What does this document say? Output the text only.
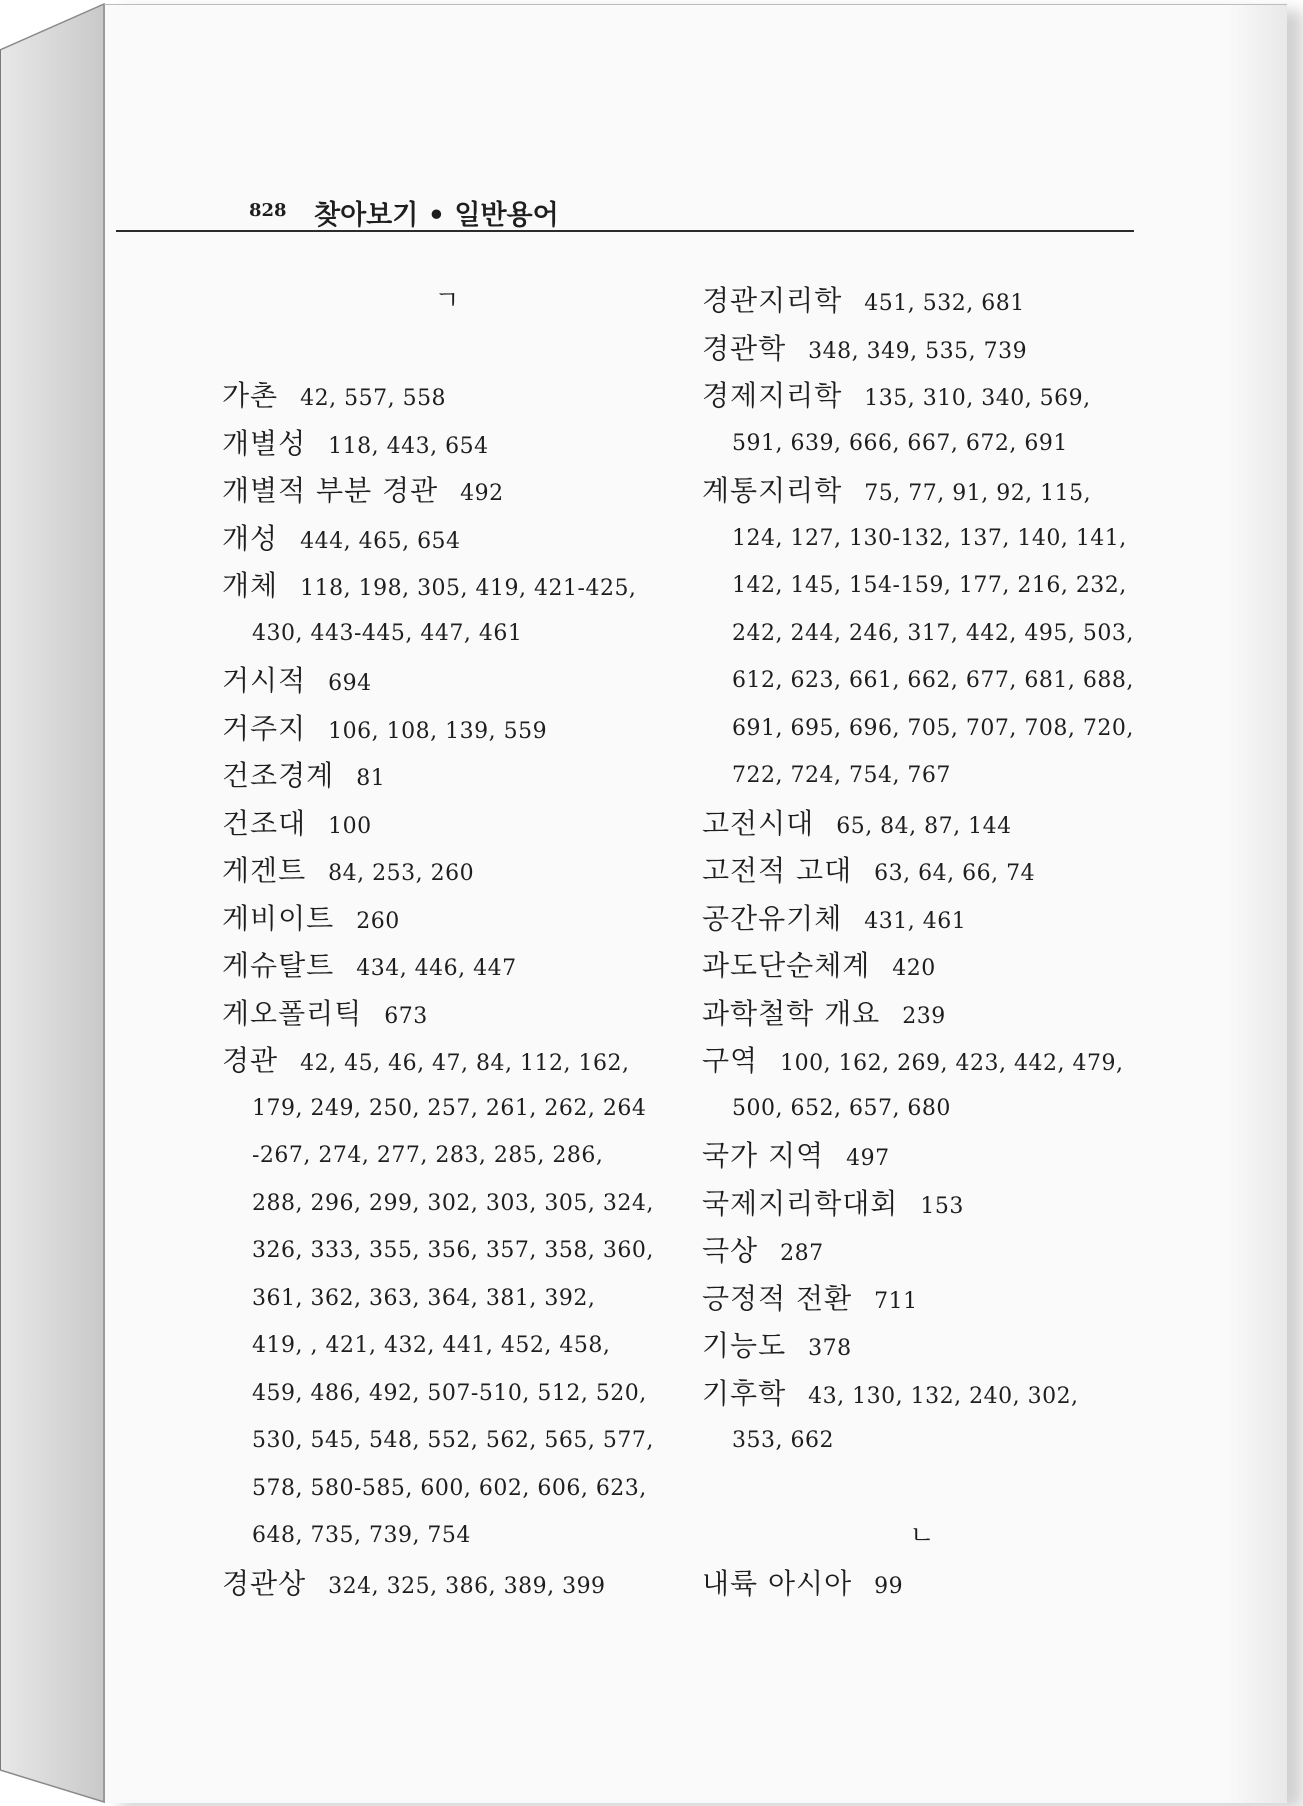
828 찾아보기 • 일반용어
ㄱ
가촌 42, 557, 558
개별성 118, 443, 654
개별적 부분 경관 492
개성 444, 465, 654
개체 118, 198, 305, 419, 421-425,
430, 443-445, 447, 461
거시적 694
거주지 106, 108, 139, 559
건조경계 81
건조대 100
게겐트 84, 253, 260
게비이트 260
게슈탈트 434, 446, 447
게오폴리틱 673
경관 42, 45, 46, 47, 84, 112, 162,
179, 249, 250, 257, 261, 262, 264
-267, 274, 277, 283, 285, 286,
288, 296, 299, 302, 303, 305, 324,
326, 333, 355, 356, 357, 358, 360,
361, 362, 363, 364, 381, 392,
419, , 421, 432, 441, 452, 458,
459, 486, 492, 507-510, 512, 520,
530, 545, 548, 552, 562, 565, 577,
578, 580-585, 600, 602, 606, 623,
648, 735, 739, 754
경관상 324, 325, 386, 389, 399
경관지리학 451, 532, 681
경관학 348, 349, 535, 739
경제지리학 135, 310, 340, 569,
591, 639, 666, 667, 672, 691
계통지리학 75, 77, 91, 92, 115,
124, 127, 130-132, 137, 140, 141,
142, 145, 154-159, 177, 216, 232,
242, 244, 246, 317, 442, 495, 503,
612, 623, 661, 662, 677, 681, 688,
691, 695, 696, 705, 707, 708, 720,
722, 724, 754, 767
고전시대 65, 84, 87, 144
고전적 고대 63, 64, 66, 74
공간유기체 431, 461
과도단순체계 420
과학철학 개요 239
구역 100, 162, 269, 423, 442, 479,
500, 652, 657, 680
국가 지역 497
국제지리학대회 153
극상 287
긍정적 전환 711
기능도 378
기후학 43, 130, 132, 240, 302,
353, 662
ㄴ
내륙 아시아 99
